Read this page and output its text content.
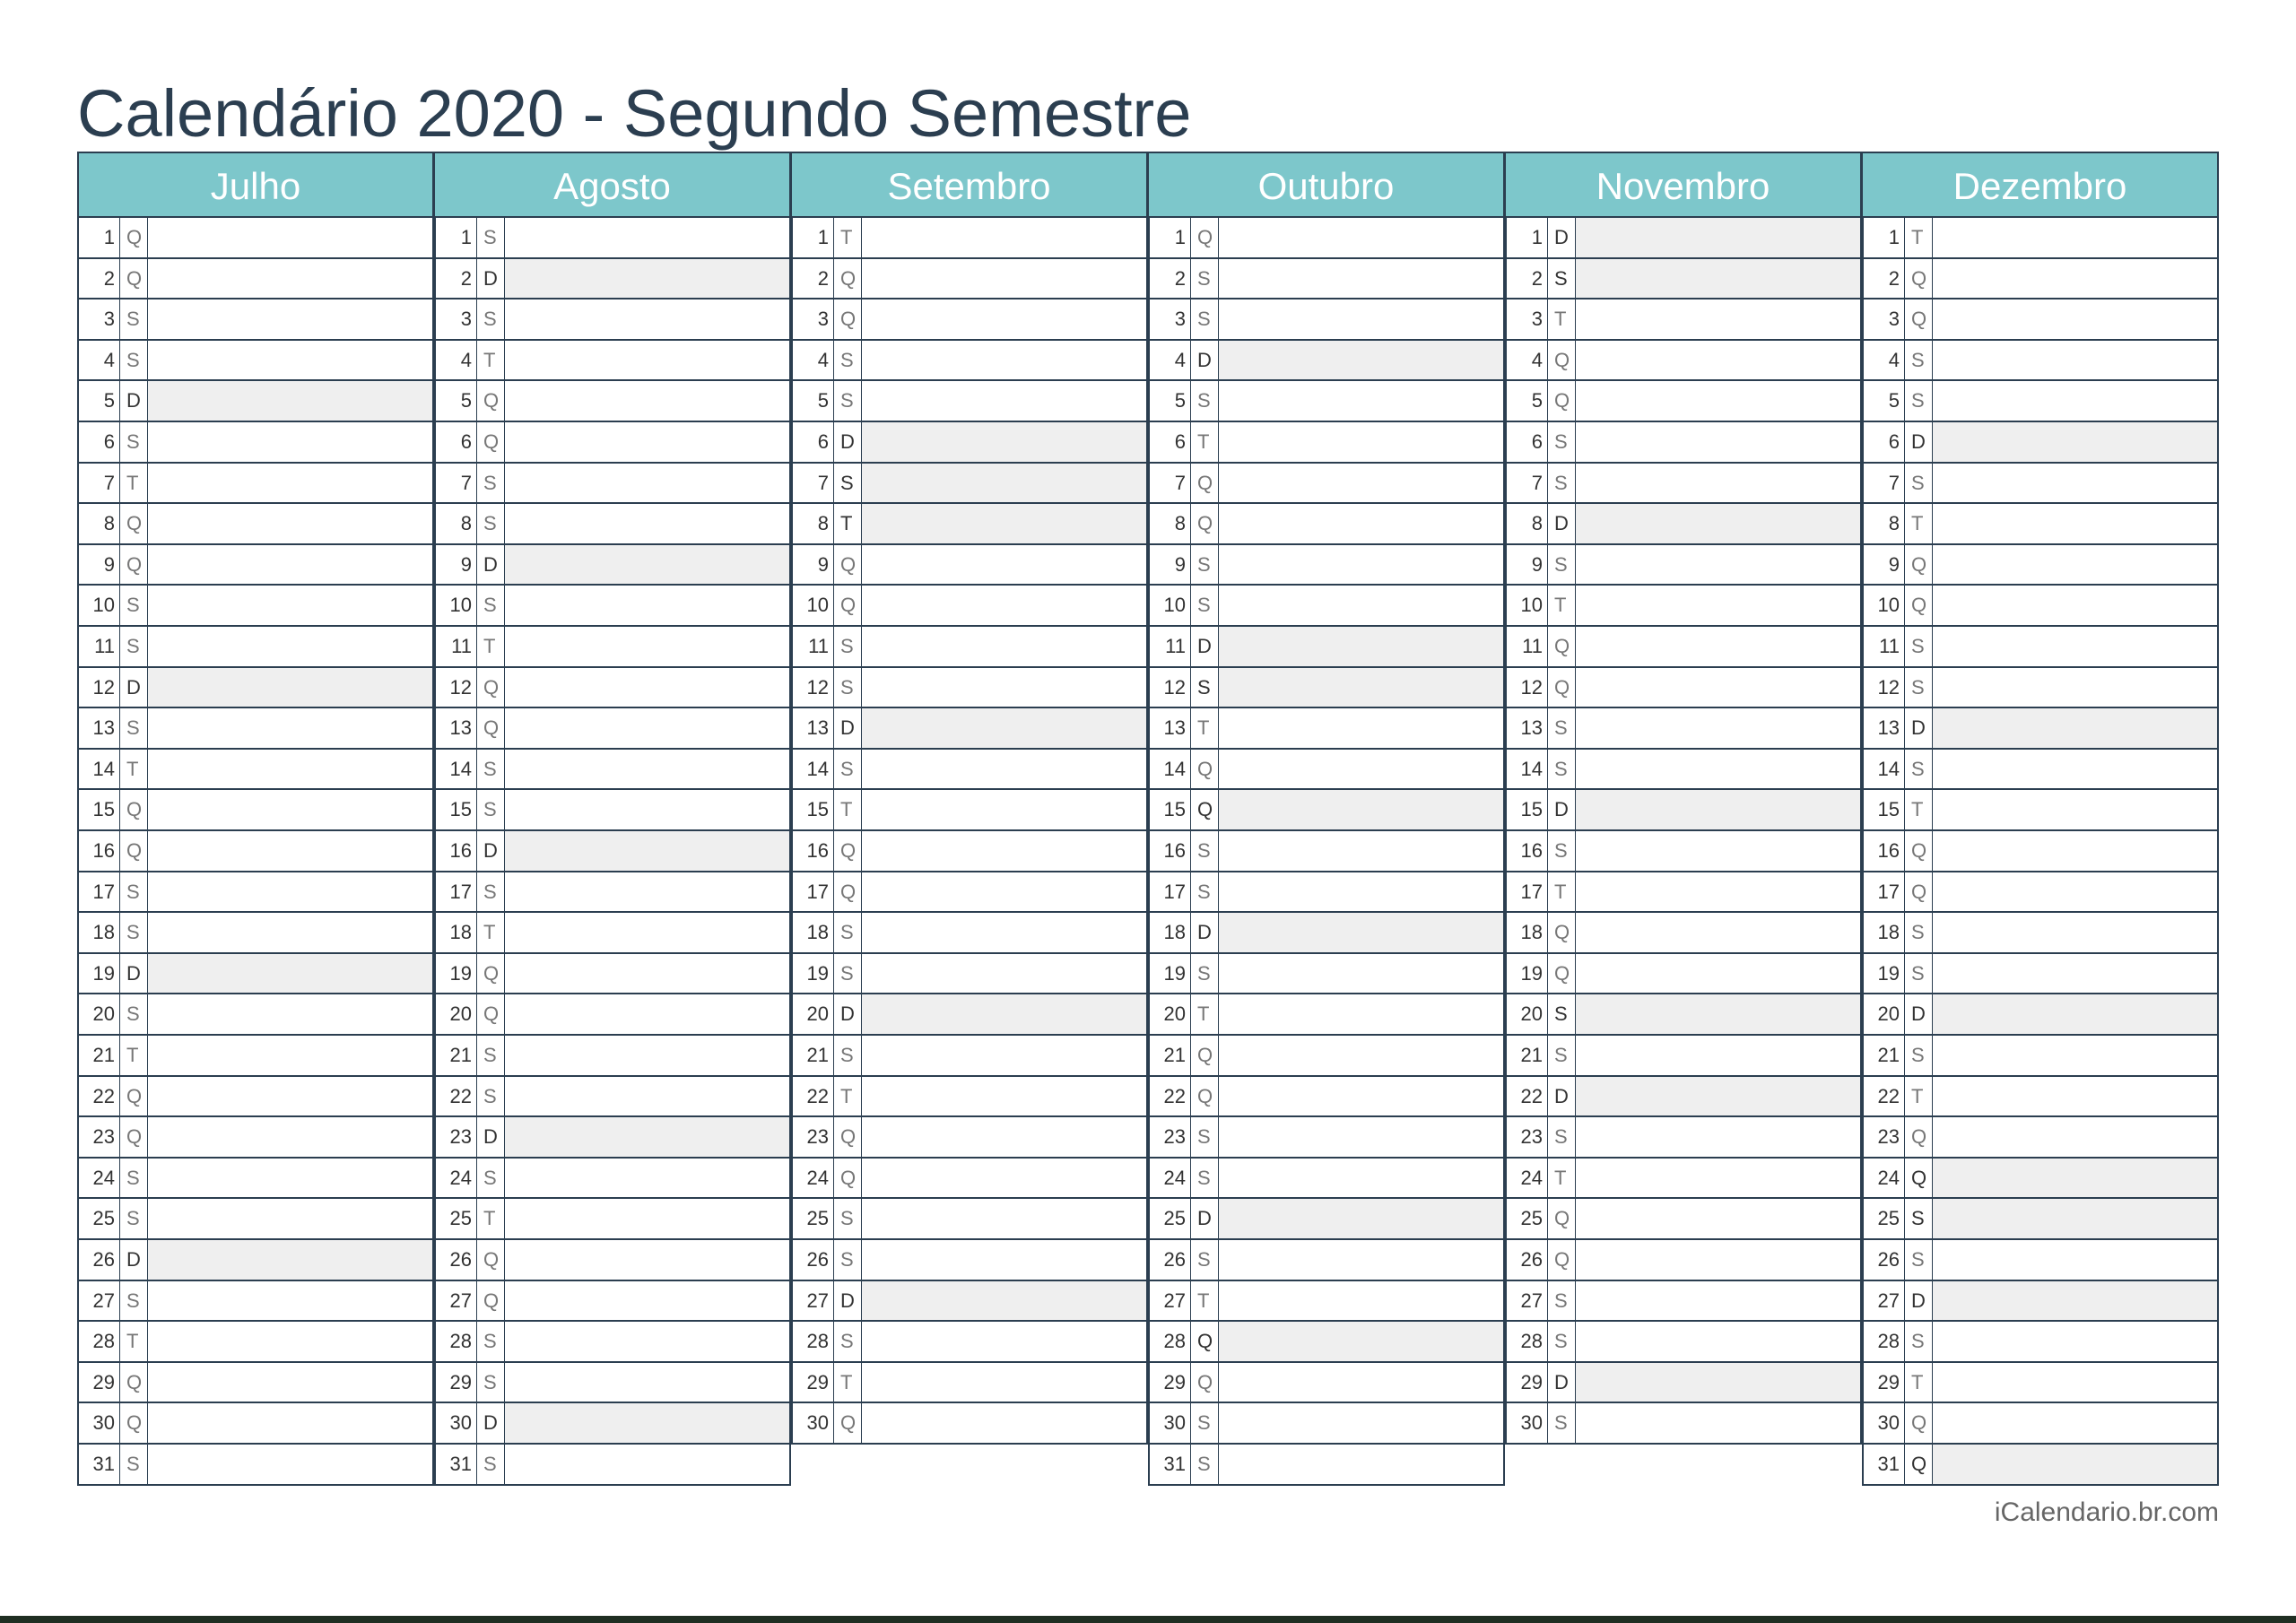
Calendário 2020 - Segundo Semestre
Julho
1 Q
2 Q
3 S
4 S
5 D
6 S
7 T
8 Q
9 Q
10 S
11 S
12 D
13 S
14 T
15 Q
16 Q
17 S
18 S
19 D
20 S
21 T
22 Q
23 Q
24 S
25 S
26 D
27 S
28 T
29 Q
30 Q
31 S
Agosto
1 S
2 D
3 S
4 T
5 Q
6 Q
7 S
8 S
9 D
10 S
11 T
12 Q
13 Q
14 S
15 S
16 D
17 S
18 T
19 Q
20 Q
21 S
22 S
23 D
24 S
25 T
26 Q
27 Q
28 S
29 S
30 D
31 S
Setembro
1 T
2 Q
3 Q
4 S
5 S
6 D
7 S
8 T
9 Q
10 Q
11 S
12 S
13 D
14 S
15 T
16 Q
17 Q
18 S
19 S
20 D
21 S
22 T
23 Q
24 Q
25 S
26 S
27 D
28 S
29 T
30 Q
Outubro
1 Q
2 S
3 S
4 D
5 S
6 T
7 Q
8 Q
9 S
10 S
11 D
12 S
13 T
14 Q
15 Q
16 S
17 S
18 D
19 S
20 T
21 Q
22 Q
23 S
24 S
25 D
26 S
27 T
28 Q
29 Q
30 S
31 S
Novembro
1 D
2 S
3 T
4 Q
5 Q
6 S
7 S
8 D
9 S
10 T
11 Q
12 Q
13 S
14 S
15 D
16 S
17 T
18 Q
19 Q
20 S
21 S
22 D
23 S
24 T
25 Q
26 Q
27 S
28 S
29 D
30 S
Dezembro
1 T
2 Q
3 Q
4 S
5 S
6 D
7 S
8 T
9 Q
10 Q
11 S
12 S
13 D
14 S
15 T
16 Q
17 Q
18 S
19 S
20 D
21 S
22 T
23 Q
24 Q
25 S
26 S
27 D
28 S
29 T
30 Q
31 Q
iCalendario.br.com
